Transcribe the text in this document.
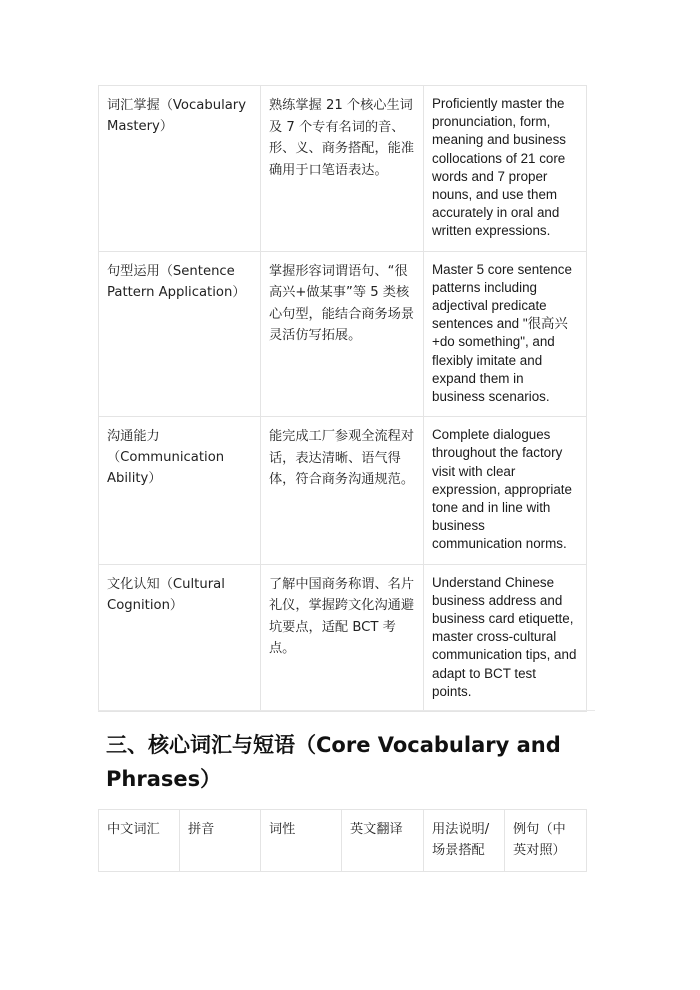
词汇掌握（Vocabulary Mastery）	熟练掌握 21 个核心生词及 7 个专有名词的音、形、义、商务搭配，能准确用于口笔语表达。	Proficiently master the pronunciation, form, meaning and business collocations of 21 core words and 7 proper nouns, and use them accurately in oral and written expressions.
句型运用（Sentence Pattern Application）	掌握形容词谓语句、“很高兴+做某事”等 5 类核心句型，能结合商务场景灵活仿写拓展。	Master 5 core sentence patterns including adjectival predicate sentences and "很高兴+do something", and flexibly imitate and expand them in business scenarios.
沟通能力（Communication Ability）	能完成工厂参观全流程对话，表达清晰、语气得体，符合商务沟通规范。	Complete dialogues throughout the factory visit with clear expression, appropriate tone and in line with business communication norms.
文化认知（Cultural Cognition）	了解中国商务称谓、名片礼仪，掌握跨文化沟通避坑要点，适配 BCT 考点。	Understand Chinese business address and business card etiquette, master cross-cultural communication tips, and adapt to BCT test points.
三、核心词汇与短语（Core Vocabulary and Phrases）
中文词汇	拼音	词性	英文翻译	用法说明/场景搭配	例句（中英对照）
